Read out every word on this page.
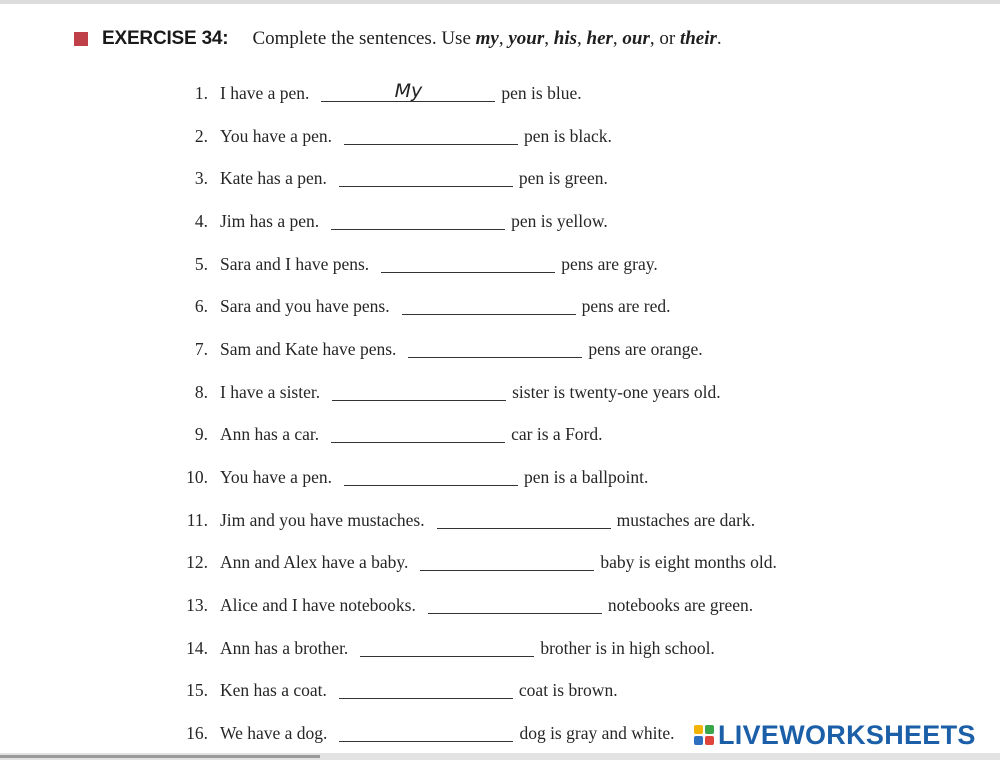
EXERCISE 34: Complete the sentences. Use my, your, his, her, our, or their.
1. I have a pen.	My	pen is blue.
2. You have a pen.	pen is black.
3. Kate has a pen.	pen is green.
4. Jim has a pen.	pen is yellow.
5. Sara and I have pens.	pens are gray.
6. Sara and you have pens.	pens are red.
7. Sam and Kate have pens.	pens are orange.
8. I have a sister.	sister is twenty-one years old.
9. Ann has a car.	car is a Ford.
10. You have a pen.	pen is a ballpoint.
11. Jim and you have mustaches.	mustaches are dark.
12. Ann and Alex have a baby.	baby is eight months old.
13. Alice and I have notebooks.	notebooks are green.
14. Ann has a brother.	brother is in high school.
15. Ken has a coat.	coat is brown.
16. We have a dog.	dog is gray and white. LIVEWORKSHEETS
